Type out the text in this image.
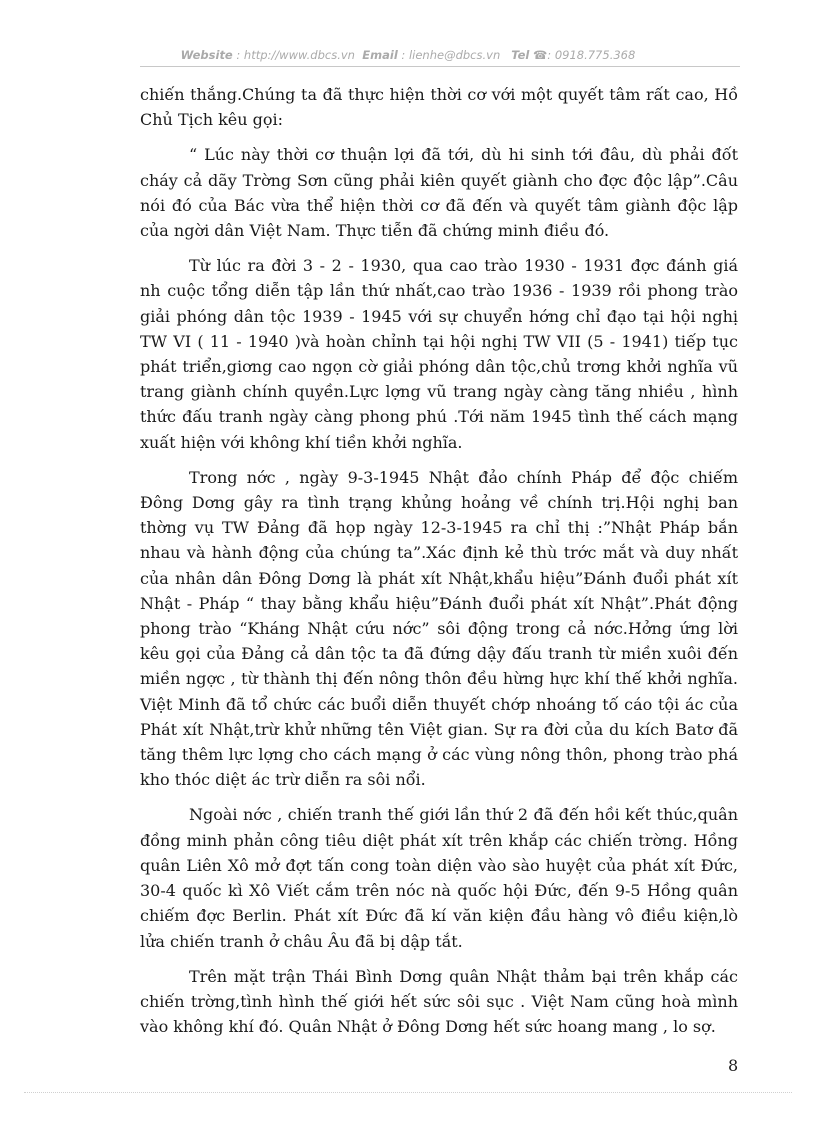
Website : http://www.dbcs.vn Email : lienhe@dbcs.vn Tel ☎: 0918.775.368

chiến thắng.Chúng ta đã thực hiện thời cơ với một quyết tâm rất cao, Hồ Chủ Tịch kêu gọi:

“ Lúc này thời cơ thuận lợi đã tới, dù hi sinh tới đâu, dù phải đốt cháy cả dãy Trờng Sơn cũng phải kiên quyết giành cho đợc độc lập”.Câu nói đó của Bác vừa thể hiện thời cơ đã đến và quyết tâm giành độc lập của ngời dân Việt Nam. Thực tiễn đã chứng minh điều đó.

Từ lúc ra đời 3 - 2 - 1930, qua cao trào 1930 - 1931 đợc đánh giá nh cuộc tổng diễn tập lần thứ nhất,cao trào 1936 - 1939 rồi phong trào giải phóng dân tộc 1939 - 1945 với sự chuyển hớng chỉ đạo tại hội nghị TW VI ( 11 - 1940 )và hoàn chỉnh tại hội nghị TW VII (5 - 1941) tiếp tục phát triển,giơng cao ngọn cờ giải phóng dân tộc,chủ trơng khởi nghĩa vũ trang giành chính quyền.Lực lợng vũ trang ngày càng tăng nhiều , hình thức đấu tranh ngày càng phong phú .Tới năm 1945 tình thế cách mạng xuất hiện với không khí tiền khởi nghĩa.

Trong nớc , ngày 9-3-1945 Nhật đảo chính Pháp để độc chiếm Đông Dơng gây ra tình trạng khủng hoảng về chính trị.Hội nghị ban thờng vụ TW Đảng đã họp ngày 12-3-1945 ra chỉ thị :”Nhật Pháp bắn nhau và hành động của chúng ta”.Xác định kẻ thù trớc mắt và duy nhất của nhân dân Đông Dơng là phát xít Nhật,khẩu hiệu”Đánh đuổi phát xít Nhật - Pháp “ thay bằng khẩu hiệu”Đánh đuổi phát xít Nhật”.Phát động phong trào “Kháng Nhật cứu nớc” sôi động trong cả nớc.Hởng ứng lời kêu gọi của Đảng cả dân tộc ta đã đứng dậy đấu tranh từ miền xuôi đến miền ngợc , từ thành thị đến nông thôn đều hừng hực khí thế khởi nghĩa. Việt Minh đã tổ chức các buổi diễn thuyết chớp nhoáng tố cáo tội ác của Phát xít Nhật,trừ khử những tên Việt gian. Sự ra đời của du kích Batơ đã tăng thêm lực lợng cho cách mạng ở các vùng nông thôn, phong trào phá kho thóc diệt ác trừ diễn ra sôi nổi.

Ngoài nớc , chiến tranh thế giới lần thứ 2 đã đến hồi kết thúc,quân đồng minh phản công tiêu diệt phát xít trên khắp các chiến trờng. Hồng quân Liên Xô mở đợt tấn cong toàn diện vào sào huyệt của phát xít Đức, 30-4 quốc kì Xô Viết cắm trên nóc nà quốc hội Đức, đến 9-5 Hồng quân chiếm đợc Berlin. Phát xít Đức đã kí văn kiện đầu hàng vô điều kiện,lò lửa chiến tranh ở châu Âu đã bị dập tắt.

Trên mặt trận Thái Bình Dơng quân Nhật thảm bại trên khắp các chiến trờng,tình hình thế giới hết sức sôi sục . Việt Nam cũng hoà mình vào không khí đó. Quân Nhật ở Đông Dơng hết sức hoang mang , lo sợ.

8
